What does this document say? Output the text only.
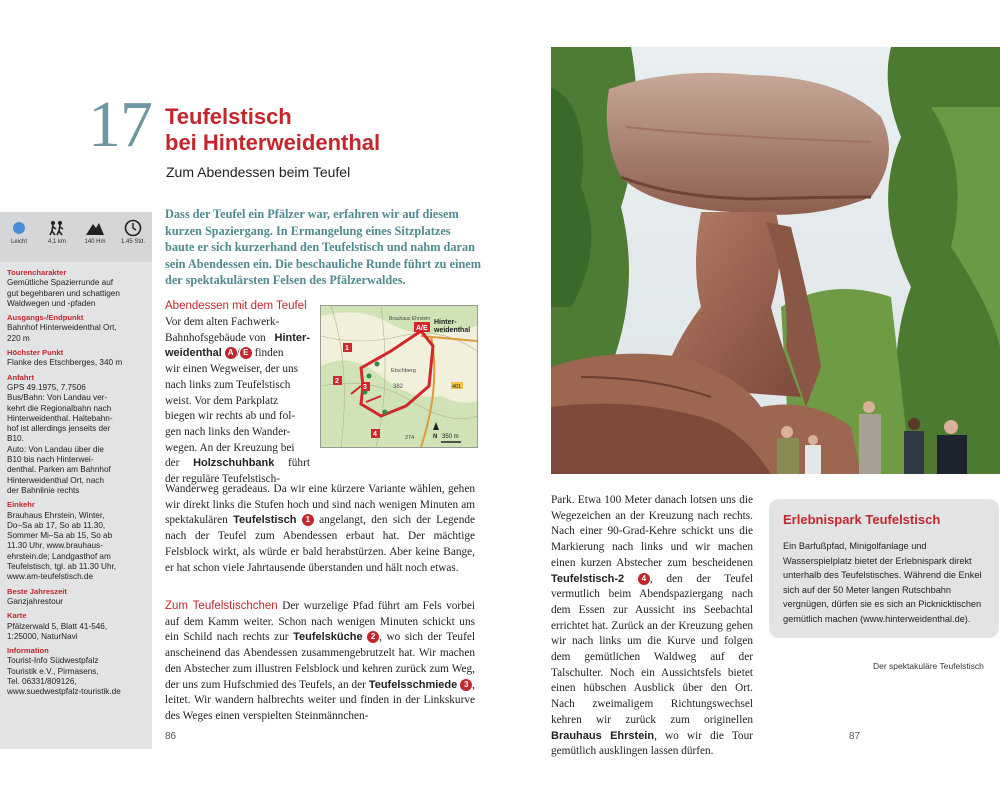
17 Teufelstisch
bei Hinterweidenthal
Zum Abendessen beim Teufel
Leicht	4,1 km	140 Hm	1.45 Std.
Tourencharakter
Gemütliche Spazierrunde auf
gut begehbaren und schattigen
Waldwegen und -pfaden
Ausgangs-/Endpunkt
Bahnhof Hinterweidenthal Ort,
220 m
Höchster Punkt
Flanke des Etschberges, 340 m
Anfahrt
GPS 49.1975, 7.7506
Bus/Bahn: Von Landau ver-
kehrt die Regionalbahn nach
Hinterweidenthal. Haltebahn-
hof ist allerdings jenseits der
B10.
Auto: Von Landau über die
B10 bis nach Hinterwei-
denthal. Parken am Bahnhof
Hinterweidenthal Ort, nach
der Bahnlinie rechts
Einkehr
Brauhaus Ehrstein, Winter,
Do–Sa ab 17, So ab 11.30,
Sommer Mi–Sa ab 15, So ab
11.30 Uhr, www.brauhaus-
ehrstein.de; Landgasthof am
Teufelstisch, tgl. ab 11.30 Uhr,
www.am-teufelstisch.de
Beste Jahreszeit
Ganzjahrestour
Karte
Pfälzerwald 5, Blatt 41-546,
1:25000, NaturNavi
Information
Tourist-Info Südwestpfalz
Touristik e.V., Pirmasens,
Tel. 06331/809126,
www.suedwestpfalz-touristik.de
Dass der Teufel ein Pfälzer war, erfahren wir auf diesem kurzen Spaziergang. In Ermangelung eines Sitzplatzes baute er sich kurzerhand den Teufelstisch und nahm daran sein Abendessen ein. Die beschauliche Runde führt zu einem der spektakulärsten Felsen des Pfälzerwaldes.
Abendessen mit dem Teufel
Vor dem alten Fachwerk-
Bahnhofsgebäude von Hinter-
weidenthal A / E finden
wir einen Wegweiser, der uns
nach links zum Teufelstisch
weist. Vor dem Parkplatz
biegen wir rechts ab und fol-
gen nach links den Wander-
wegen. An der Kreuzung bei
der Holzschuhbank führt
der reguläre Teufelstisch-
A/E
Hinter-
weidenthal
Brauhaus Ehrstein
Etschberg
382	401
274
1
2
3
4	350 m
N
Wanderweg geradeaus. Da wir eine kürzere Variante wählen, gehen wir direkt links die Stufen hoch und sind nach wenigen Minuten am spektakulären Teufelstisch 1 angelangt, den sich der Legende nach der Teufel zum Abendessen erbaut hat. Der mächtige Felsblock wirkt, als würde er bald herabstürzen. Aber keine Bange, er hat schon viele Jahrtausende überstanden und hält noch etwas.
Zum Teufelstischchen Der wurzelige Pfad führt am Fels vorbei auf dem Kamm weiter. Schon nach wenigen Minuten schickt uns ein Schild nach rechts zur Teufelsküche 2 , wo sich der Teufel anscheinend das Abendessen zusammengebrutzelt hat. Wir machen den Abstecher zum illustren Felsblock und kehren zurück zum Weg, der uns zum Hufschmied des Teufels, an der Teufelsschmiede 3 , leitet. Wir wandern halbrechts weiter und finden in der Linkskurve des Weges einen verspielten Steinmännchen-
86
Park. Etwa 100 Meter danach lotsen uns die Wegezeichen an der Kreuzung nach rechts. Nach einer 90-Grad-Kehre schickt uns die Markierung nach links und wir machen einen kurzen Abstecher zum bescheidenen Teufelstisch-2 4 , den der Teufel vermutlich beim Abendspaziergang nach dem Essen zur Aussicht ins Seebachtal errichtet hat. Zurück an der Kreuzung gehen wir nach links um die Kurve und folgen dem gemütlichen Waldweg auf der Talschulter. Noch ein Aussichtsfels bietet einen hübschen Ausblick über den Ort. Nach zweimaligem Richtungswechsel kehren wir zurück zum originellen Brauhaus Ehrstein, wo wir die Tour gemütlich ausklingen lassen dürfen.
Erlebnispark Teufelstisch
Ein Barfußpfad, Minigolfanlage und Wasserspielplatz bietet der Erlebnispark direkt unterhalb des Teufelstisches. Während die Enkel sich auf der 50 Meter langen Rutschbahn vergnügen, dürfen sie es sich an Picknicktischen gemütlich machen (www.hinterweidenthal.de).
Der spektakuläre Teufelstisch
87
